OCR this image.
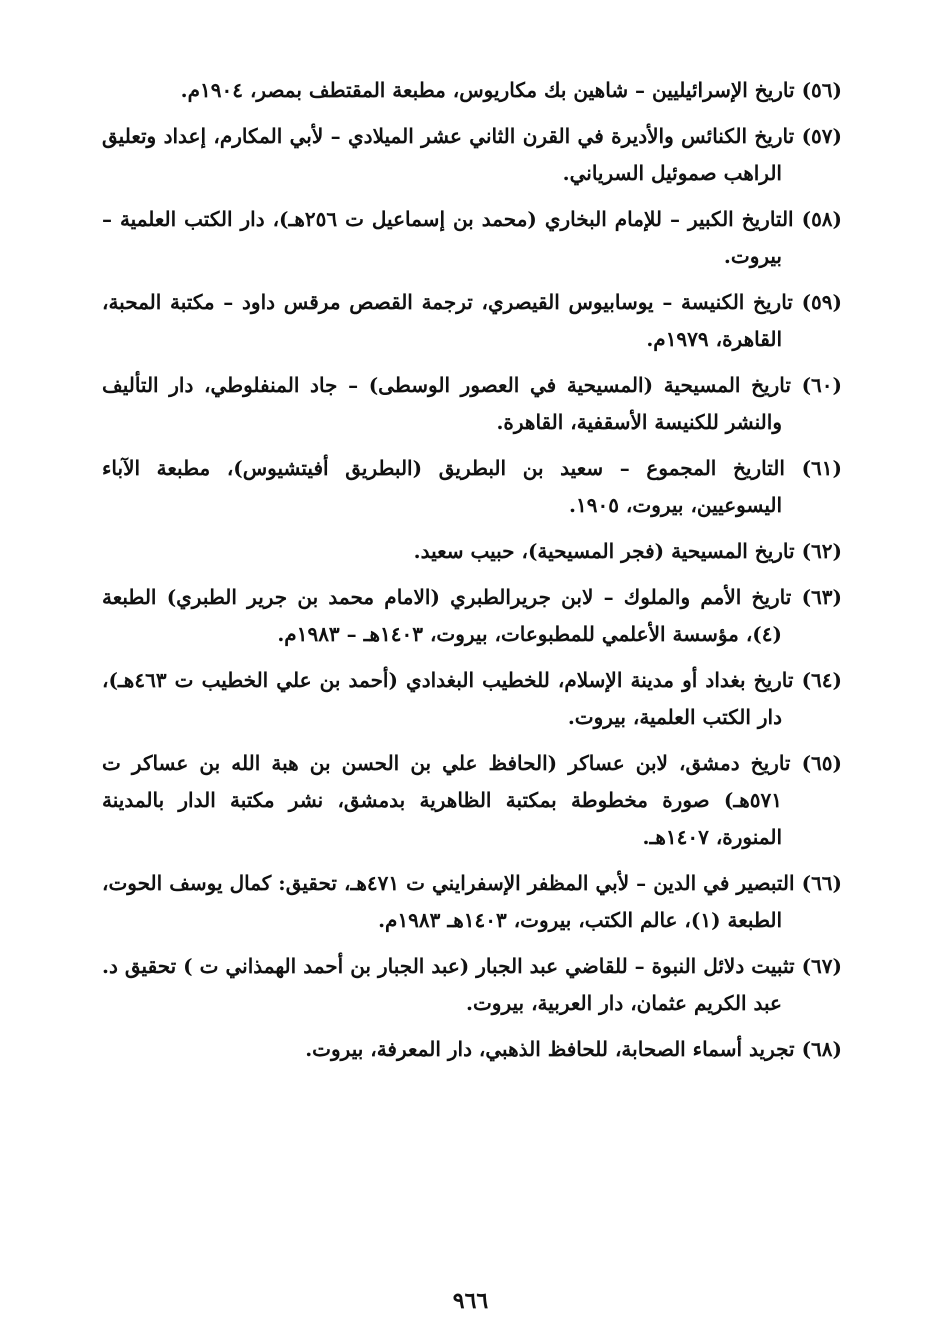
(٥٦) تاريخ الإسرائيليين – شاهين بك مكاريوس، مطبعة المقتطف بمصر، ١٩٠٤م.

(٥٧) تاريخ الكنائس والأديرة في القرن الثاني عشر الميلادي – لأبي المكارم، إعداد وتعليق الراهب صموئيل السرياني.

(٥٨) التاريخ الكبير – للإمام البخاري (محمد بن إسماعيل ت ٢٥٦هـ)، دار الكتب العلمية – بيروت.

(٥٩) تاريخ الكنيسة – يوسابيوس القيصري، ترجمة القصص مرقس داود – مكتبة المحبة، القاهرة، ١٩٧٩م.

(٦٠) تاريخ المسيحية (المسيحية في العصور الوسطى) – جاد المنفلوطي، دار التأليف والنشر للكنيسة الأسقفية، القاهرة.

(٦١) التاريخ المجموع – سعيد بن البطريق (البطريق أفيتشيوس)، مطبعة الآباء اليسوعيين، بيروت، ١٩٠٥.

(٦٢) تاريخ المسيحية (فجر المسيحية)، حبيب سعيد.

(٦٣) تاريخ الأمم والملوك – لابن جريرالطبري (الامام محمد بن جرير الطبري) الطبعة (٤)، مؤسسة الأعلمي للمطبوعات، بيروت، ١٤٠٣هـ – ١٩٨٣م.

(٦٤) تاريخ بغداد أو مدينة الإسلام، للخطيب البغدادي (أحمد بن علي الخطيب ت ٤٦٣هـ)، دار الكتب العلمية، بيروت.

(٦٥) تاريخ دمشق، لابن عساكر (الحافظ علي بن الحسن بن هبة الله بن عساكر ت ٥٧١هـ) صورة مخطوطة بمكتبة الظاهرية بدمشق، نشر مكتبة الدار بالمدينة المنورة، ١٤٠٧هـ.

(٦٦) التبصير في الدين – لأبي المظفر الإسفرايني ت ٤٧١هـ، تحقيق: كمال يوسف الحوت، الطبعة (١)، عالم الكتب، بيروت، ١٤٠٣هـ ١٩٨٣م.

(٦٧) تثبيت دلائل النبوة – للقاضي عبد الجبار (عبد الجبار بن أحمد الهمذاني ت ) تحقيق د. عبد الكريم عثمان، دار العربية، بيروت.

(٦٨) تجريد أسماء الصحابة، للحافظ الذهبي، دار المعرفة، بيروت.

٩٦٦
